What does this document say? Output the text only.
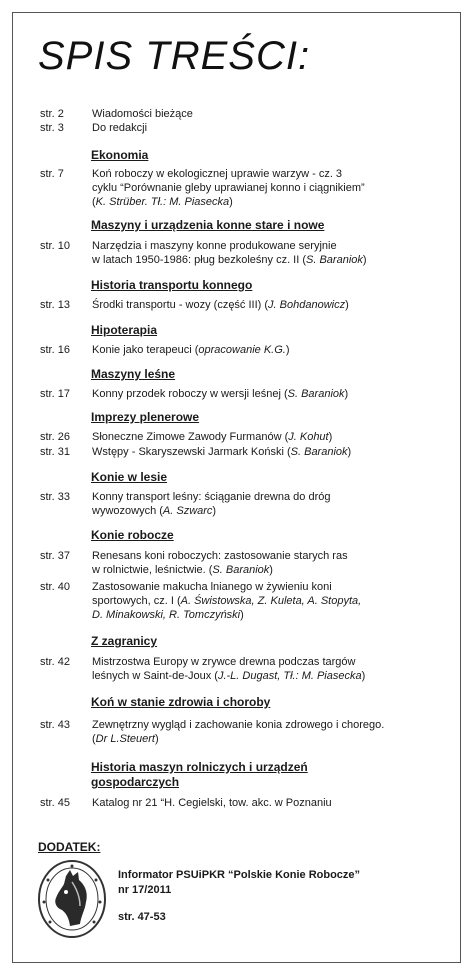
SPIS TREŚCI:
str. 2	Wiadomości bieżące
str. 3	Do redakcji
Ekonomia
str. 7	Koń roboczy w ekologicznej uprawie warzyw - cz. 3
cyklu “Porównanie gleby uprawianej konno i ciągnikiem”
(K. Strüber. Tł.: M. Piasecka)
Maszyny i urządzenia konne stare i nowe
str. 10 Narzędzia i maszyny konne produkowane seryjnie
w latach 1950-1986: pług bezkoleśny cz. II (S. Baraniok)
Historia transportu konnego
str. 13 Środki transportu - wozy (część III) (J. Bohdanowicz)
Hipoterapia
str. 16 Konie jako terapeuci (opracowanie K.G.)
Maszyny leśne
str. 17 Konny przodek roboczy w wersji leśnej (S. Baraniok)
Imprezy plenerowe
str. 26 Słoneczne Zimowe Zawody Furmanów (J. Kohut)
str. 31 Wstępy - Skaryszewski Jarmark Koński (S. Baraniok)
Konie w lesie
str. 33 Konny transport leśny: ściąganie drewna do dróg
wywozowych (A. Szwarc)
Konie robocze
str. 37 Renesans koni roboczych: zastosowanie starych ras
w rolnictwie, leśnictwie. (S. Baraniok)
str. 40 Zastosowanie makucha lnianego w żywieniu koni
sportowych, cz. I (A. Świstowska, Z. Kuleta, A. Stopyta,
D. Minakowski, R. Tomczyński)
Z zagranicy
str. 42 Mistrzostwa Europy w zrywce drewna podczas targów
leśnych w Saint-de-Joux (J.-L. Dugast, Tł.: M. Piasecka)
Koń w stanie zdrowia i choroby
str. 43 Zewnętrzny wygląd i zachowanie konia zdrowego i chorego.
(Dr L.Steuert)
Historia maszyn rolniczych i urządzeń gospodarczych
str. 45 Katalog nr 21 “H. Cegielski, tow. akc. w Poznaniu
DODATEK:
Informator PSUiPKR “Polskie Konie Robocze”
nr 17/2011
str. 47-53
